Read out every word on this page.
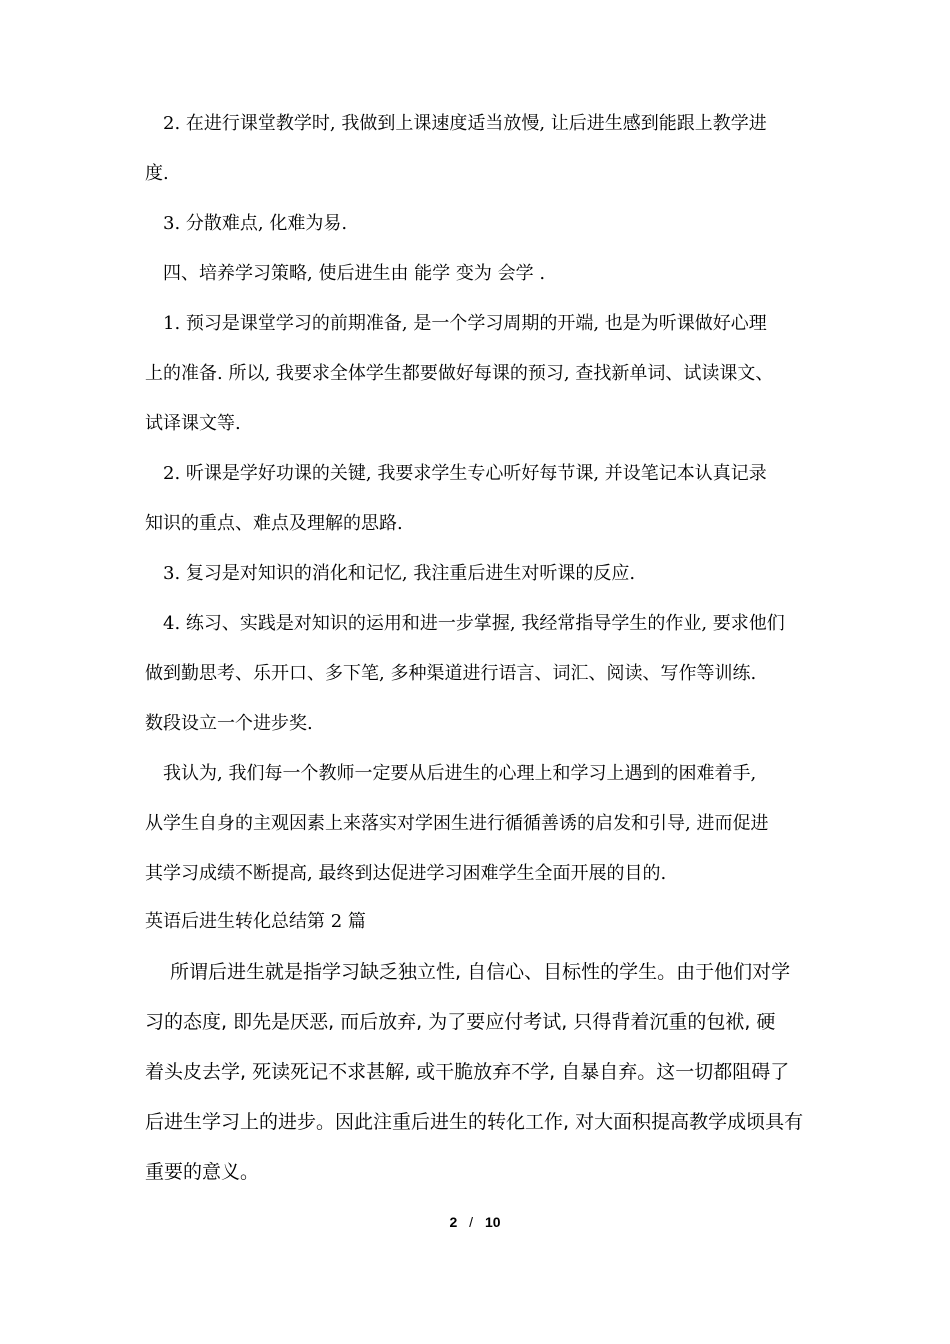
2. 在进行课堂教学时, 我做到上课速度适当放慢, 让后进生感到能跟上教学进
度.
3. 分散难点, 化难为易.
四、培养学习策略, 使后进生由 能学 变为 会学 .
1. 预习是课堂学习的前期准备, 是一个学习周期的开端, 也是为听课做好心理
上的准备. 所以, 我要求全体学生都要做好每课的预习, 查找新单词、试读课文、
试译课文等.
2. 听课是学好功课的关键, 我要求学生专心听好每节课, 并设笔记本认真记录
知识的重点、难点及理解的思路.
3. 复习是对知识的消化和记忆, 我注重后进生对听课的反应.
4. 练习、实践是对知识的运用和进一步掌握, 我经常指导学生的作业, 要求他们
做到勤思考、乐开口、多下笔, 多种渠道进行语言、词汇、阅读、写作等训练.
数段设立一个进步奖.
我认为, 我们每一个教师一定要从后进生的心理上和学习上遇到的困难着手,
从学生自身的主观因素上来落实对学困生进行循循善诱的启发和引导, 进而促进
其学习成绩不断提高, 最终到达促进学习困难学生全面开展的目的.
英语后进生转化总结第 2 篇
所谓后进生就是指学习缺乏独立性, 自信心、目标性的学生。由于他们对学
习的态度, 即先是厌恶, 而后放弃, 为了要应付考试, 只得背着沉重的包袱, 硬
着头皮去学, 死读死记不求甚解, 或干脆放弃不学, 自暴自弃。这一切都阻碍了
后进生学习上的进步。因此注重后进生的转化工作, 对大面积提高教学成顷具有
重要的意义。
2 / 10
